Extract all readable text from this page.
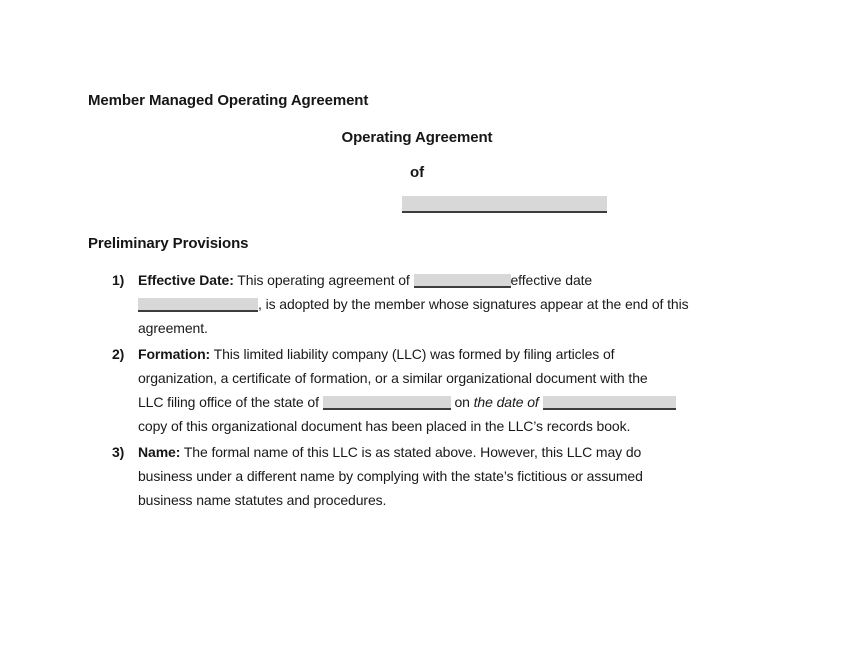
Member Managed Operating Agreement
Operating Agreement
of
Preliminary Provisions
1) Effective Date: This operating agreement of	effective date
, is adopted by the member whose signatures appear at the end of this
agreement.
2) Formation: This limited liability company (LLC) was formed by filing articles of
organization, a certificate of formation, or a similar organizational document with the
LLC filing office of the state of	on the date of
copy of this organizational document has been placed in the LLC’s records book.
3) Name: The formal name of this LLC is as stated above. However, this LLC may do
business under a different name by complying with the state’s fictitious or assumed
business name statutes and procedures.
